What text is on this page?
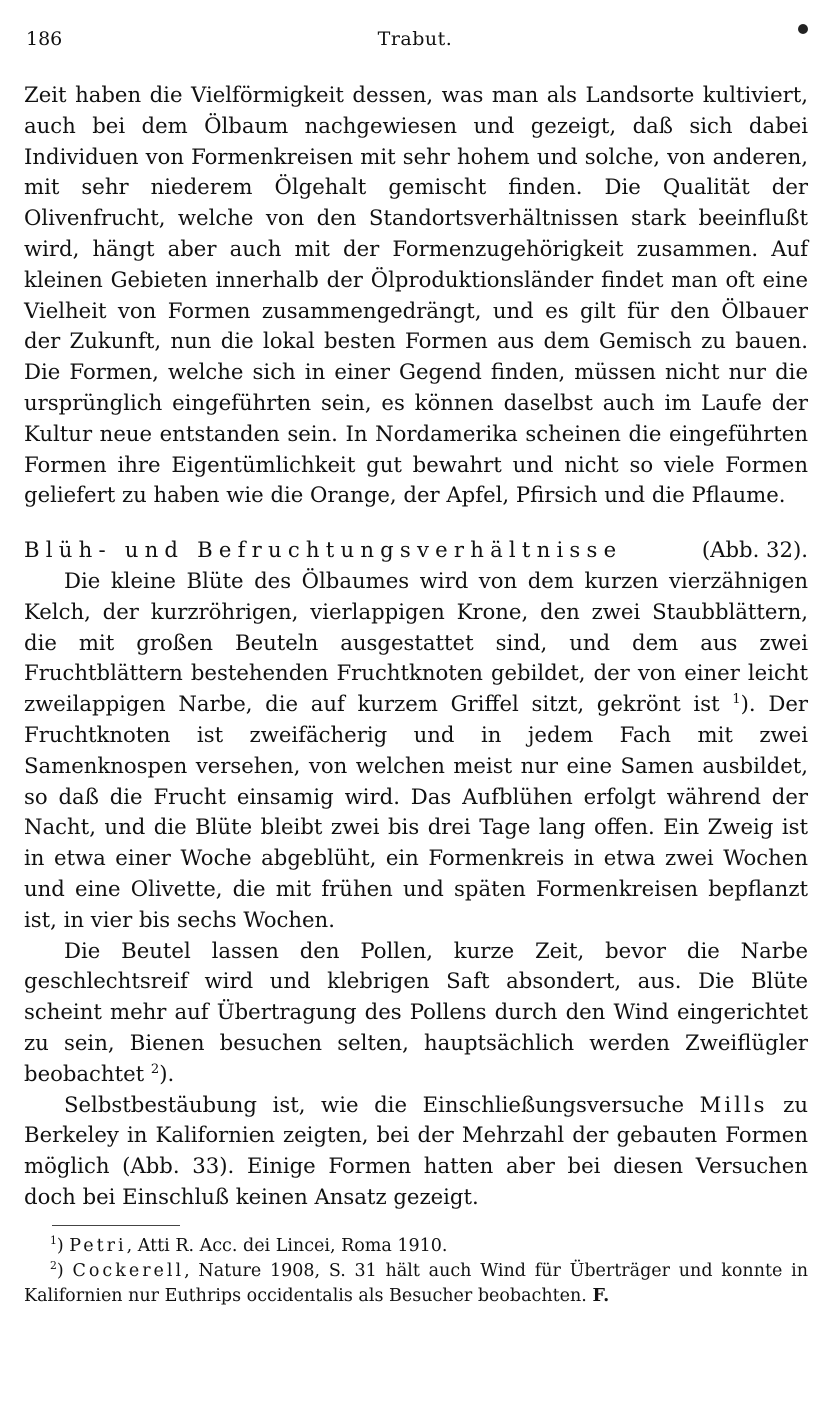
186	Trabut.

Zeit haben die Vielförmigkeit dessen, was man als Landsorte kultiviert, auch bei dem Ölbaum nachgewiesen und gezeigt, daß sich dabei Individuen von Formenkreisen mit sehr hohem und solche, von anderen, mit sehr niederem Ölgehalt gemischt finden. Die Qualität der Olivenfrucht, welche von den Standortsverhältnissen stark beeinflußt wird, hängt aber auch mit der Formenzugehörigkeit zusammen. Auf kleinen Gebieten innerhalb der Ölproduktionsländer findet man oft eine Vielheit von Formen zusammengedrängt, und es gilt für den Ölbauer der Zukunft, nun die lokal besten Formen aus dem Gemisch zu bauen. Die Formen, welche sich in einer Gegend finden, müssen nicht nur die ursprünglich eingeführten sein, es können daselbst auch im Laufe der Kultur neue entstanden sein. In Nordamerika scheinen die eingeführten Formen ihre Eigentümlichkeit gut bewahrt und nicht so viele Formen geliefert zu haben wie die Orange, der Apfel, Pfirsich und die Pflaume.

Blüh- und Befruchtungsverhältnisse	(Abb. 32).

Die kleine Blüte des Ölbaumes wird von dem kurzen vierzähnigen Kelch, der kurzröhrigen, vierlappigen Krone, den zwei Staubblättern, die mit großen Beuteln ausgestattet sind, und dem aus zwei Fruchtblättern bestehenden Fruchtknoten gebildet, der von einer leicht zweilappigen Narbe, die auf kurzem Griffel sitzt, gekrönt ist $^1$). Der Fruchtknoten ist zweifächerig und in jedem Fach mit zwei Samenknospen versehen, von welchen meist nur eine Samen ausbildet, so daß die Frucht einsamig wird. Das Aufblühen erfolgt während der Nacht, und die Blüte bleibt zwei bis drei Tage lang offen. Ein Zweig ist in etwa einer Woche abgeblüht, ein Formenkreis in etwa zwei Wochen und eine Olivette, die mit frühen und späten Formenkreisen bepflanzt ist, in vier bis sechs Wochen.

Die Beutel lassen den Pollen, kurze Zeit, bevor die Narbe geschlechtsreif wird und klebrigen Saft absondert, aus. Die Blüte scheint mehr auf Übertragung des Pollens durch den Wind eingerichtet zu sein, Bienen besuchen selten, hauptsächlich werden Zweiflügler beobachtet $^2$).

Selbstbestäubung ist, wie die Einschließungsversuche Mills zu Berkeley in Kalifornien zeigten, bei der Mehrzahl der gebauten Formen möglich (Abb. 33). Einige Formen hatten aber bei diesen Versuchen doch bei Einschluß keinen Ansatz gezeigt.

$^1$) Petri, Atti R. Acc. dei Lincei, Roma 1910.

$^2$) Cockerell, Nature 1908, S. 31 hält auch Wind für Überträger und konnte in Kalifornien nur Euthrips occidentalis als Besucher beobachten. F.
